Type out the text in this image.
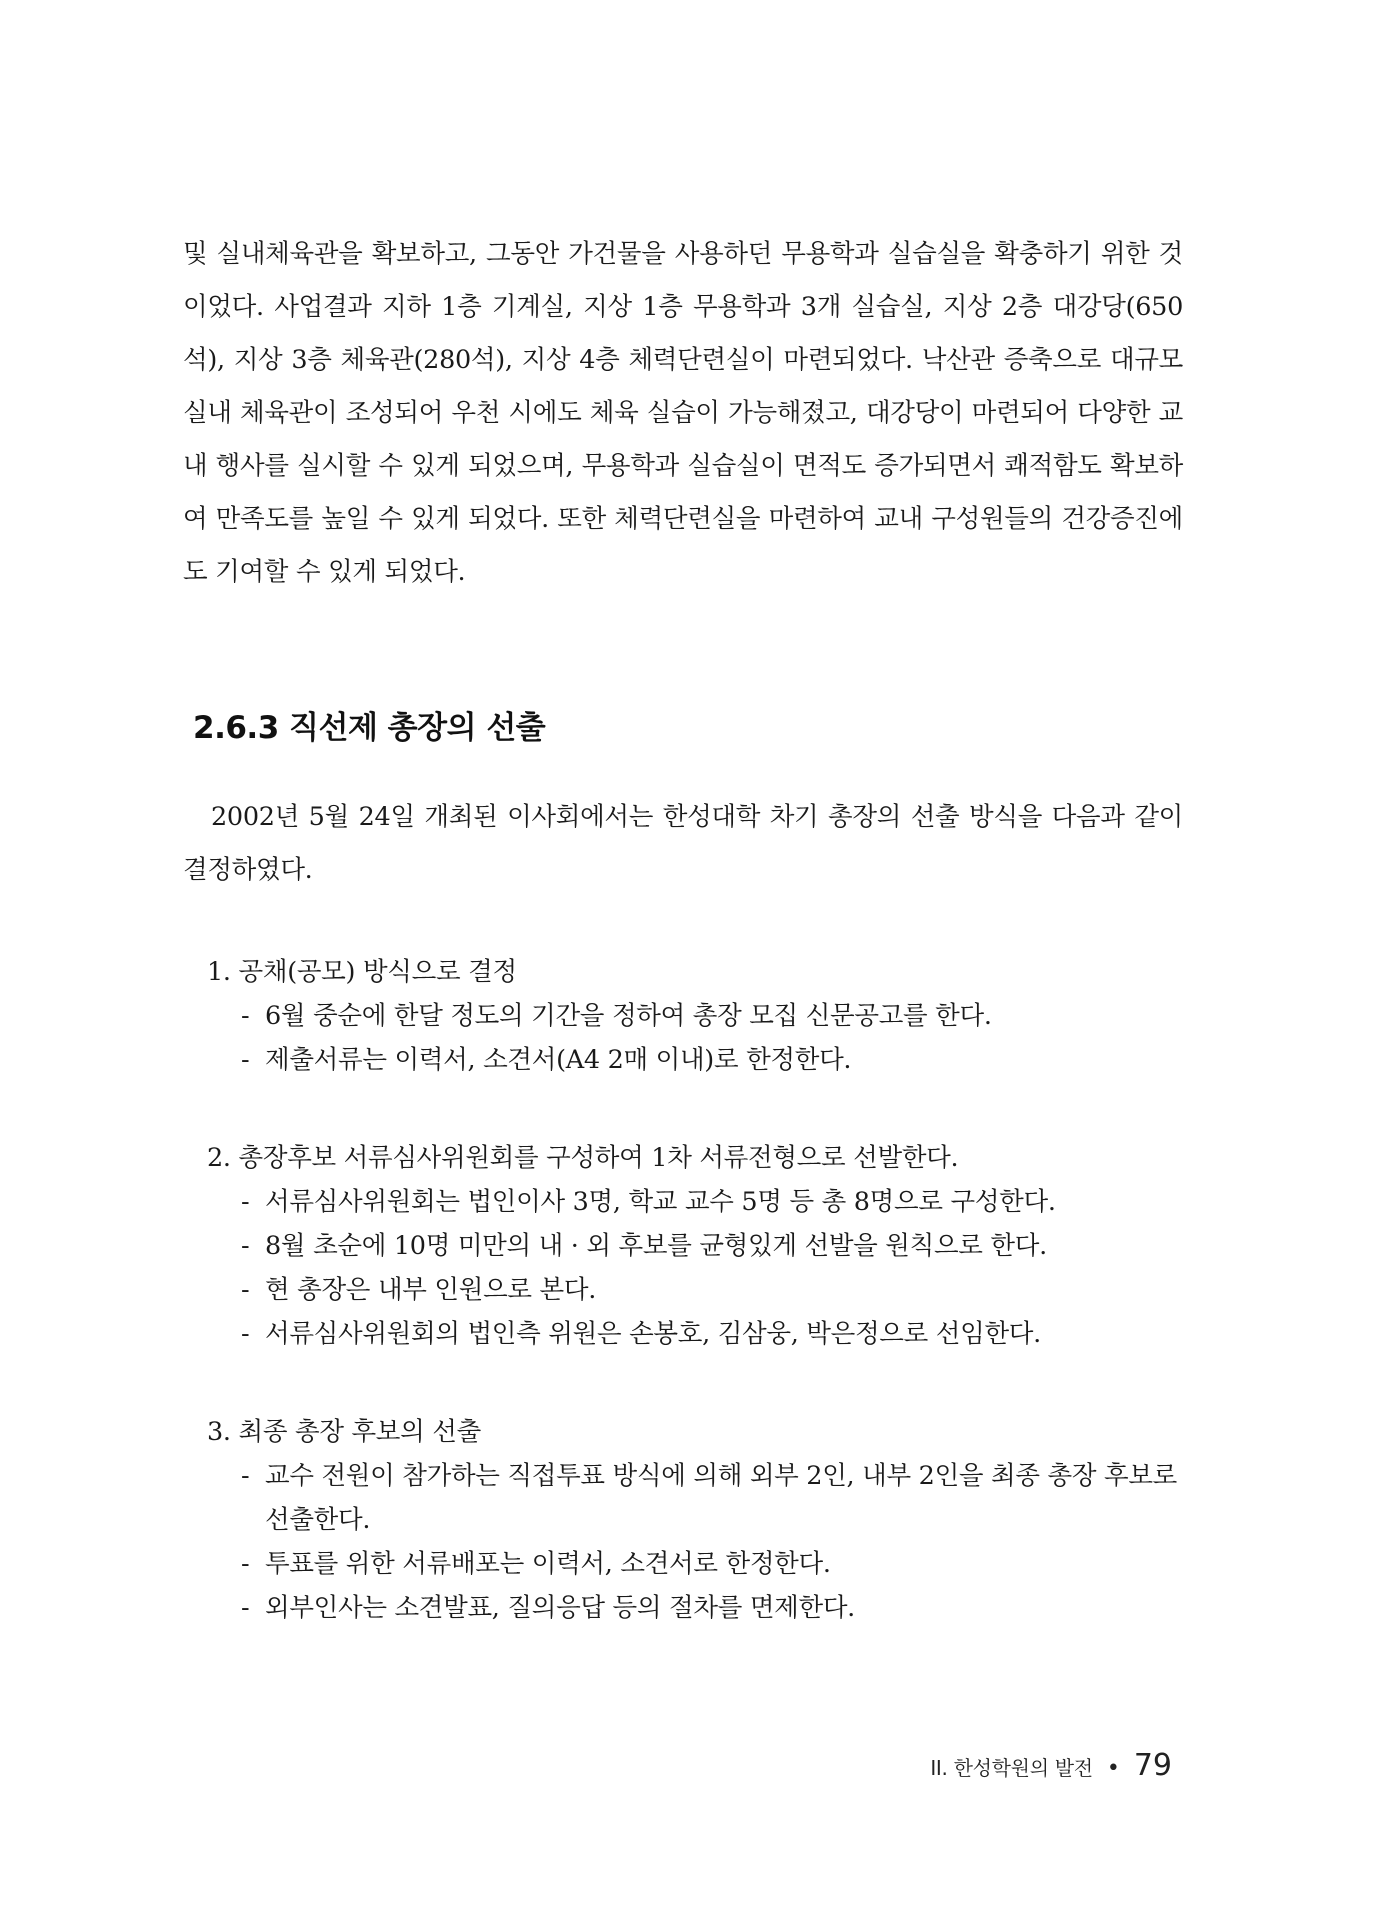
및 실내체육관을 확보하고, 그동안 가건물을 사용하던 무용학과 실습실을 확충하기 위한 것이었다. 사업결과 지하 1층 기계실, 지상 1층 무용학과 3개 실습실, 지상 2층 대강당(650석), 지상 3층 체육관(280석), 지상 4층 체력단련실이 마련되었다. 낙산관 증축으로 대규모 실내 체육관이 조성되어 우천 시에도 체육 실습이 가능해졌고, 대강당이 마련되어 다양한 교내 행사를 실시할 수 있게 되었으며, 무용학과 실습실이 면적도 증가되면서 쾌적함도 확보하여 만족도를 높일 수 있게 되었다. 또한 체력단련실을 마련하여 교내 구성원들의 건강증진에도 기여할 수 있게 되었다.

2.6.3 직선제 총장의 선출

2002년 5월 24일 개최된 이사회에서는 한성대학 차기 총장의 선출 방식을 다음과 같이 결정하였다.

1. 공채(공모) 방식으로 결정

- 6월 중순에 한달 정도의 기간을 정하여 총장 모집 신문공고를 한다.
- 제출서류는 이력서, 소견서(A4 2매 이내)로 한정한다.

2. 총장후보 서류심사위원회를 구성하여 1차 서류전형으로 선발한다.

- 서류심사위원회는 법인이사 3명, 학교 교수 5명 등 총 8명으로 구성한다.
- 8월 초순에 10명 미만의 내 · 외 후보를 균형있게 선발을 원칙으로 한다.
- 현 총장은 내부 인원으로 본다.
- 서류심사위원회의 법인측 위원은 손봉호, 김삼웅, 박은정으로 선임한다.

3. 최종 총장 후보의 선출

- 교수 전원이 참가하는 직접투표 방식에 의해 외부 2인, 내부 2인을 최종 총장 후보로 선출한다.
- 투표를 위한 서류배포는 이력서, 소견서로 한정한다.
- 외부인사는 소견발표, 질의응답 등의 절차를 면제한다.
II. 한성학원의 발전 • 79
